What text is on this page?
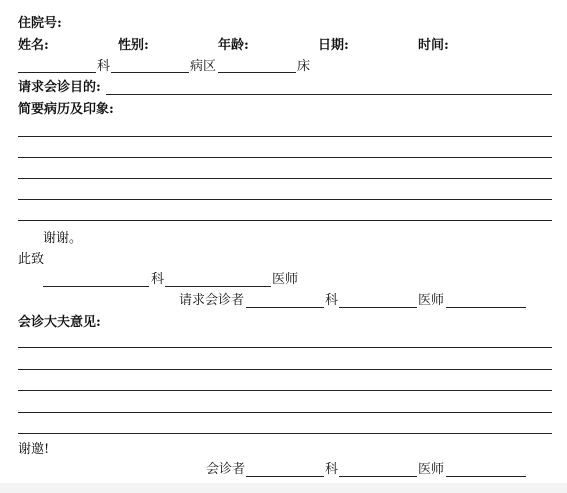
住院号:
姓名:	性别:	年龄:	日期:	时间:
科	病区	床
请求会诊目的:
简要病历及印象:
谢谢。
此致
科	医师
请求会诊者	科	医师
会诊大夫意见:
谢邀!
会诊者	科	医师
